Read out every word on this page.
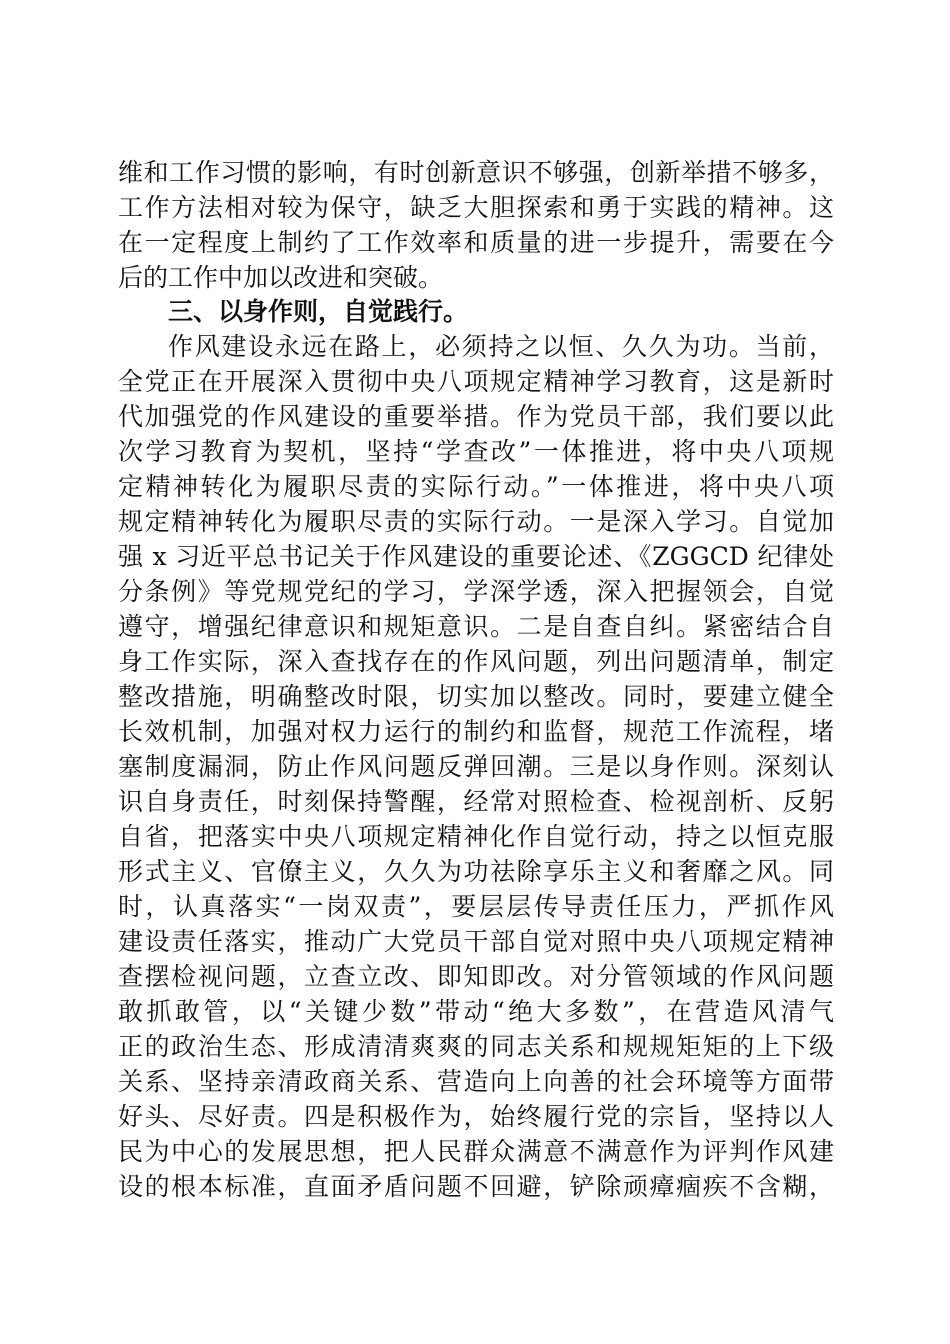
维和工作习惯的影响，有时创新意识不够强，创新举措不够多，
工作方法相对较为保守，缺乏大胆探索和勇于实践的精神。这
在一定程度上制约了工作效率和质量的进一步提升，需要在今
后的工作中加以改进和突破。
三、以身作则，自觉践行。
作风建设永远在路上，必须持之以恒、久久为功。当前，
全党正在开展深入贯彻中央八项规定精神学习教育，这是新时
代加强党的作风建设的重要举措。作为党员干部，我们要以此
次学习教育为契机，坚持“学查改”一体推进，将中央八项规
定精神转化为履职尽责的实际行动。”一体推进，将中央八项
规定精神转化为履职尽责的实际行动。一是深入学习。自觉加
强 x 习近平总书记关于作风建设的重要论述、《ZGGCD 纪律处
分条例》等党规党纪的学习，学深学透，深入把握领会，自觉
遵守，增强纪律意识和规矩意识。二是自查自纠。紧密结合自
身工作实际，深入查找存在的作风问题，列出问题清单，制定
整改措施，明确整改时限，切实加以整改。同时，要建立健全
长效机制，加强对权力运行的制约和监督，规范工作流程，堵
塞制度漏洞，防止作风问题反弹回潮。三是以身作则。深刻认
识自身责任，时刻保持警醒，经常对照检查、检视剖析、反躬
自省，把落实中央八项规定精神化作自觉行动，持之以恒克服
形式主义、官僚主义，久久为功祛除享乐主义和奢靡之风。同
时，认真落实“一岗双责”，要层层传导责任压力，严抓作风
建设责任落实，推动广大党员干部自觉对照中央八项规定精神
查摆检视问题，立查立改、即知即改。对分管领域的作风问题
敢抓敢管，以“关键少数”带动“绝大多数”，在营造风清气
正的政治生态、形成清清爽爽的同志关系和规规矩矩的上下级
关系、坚持亲清政商关系、营造向上向善的社会环境等方面带
好头、尽好责。四是积极作为，始终履行党的宗旨，坚持以人
民为中心的发展思想，把人民群众满意不满意作为评判作风建
设的根本标准，直面矛盾问题不回避，铲除顽瘴痼疾不含糊，
